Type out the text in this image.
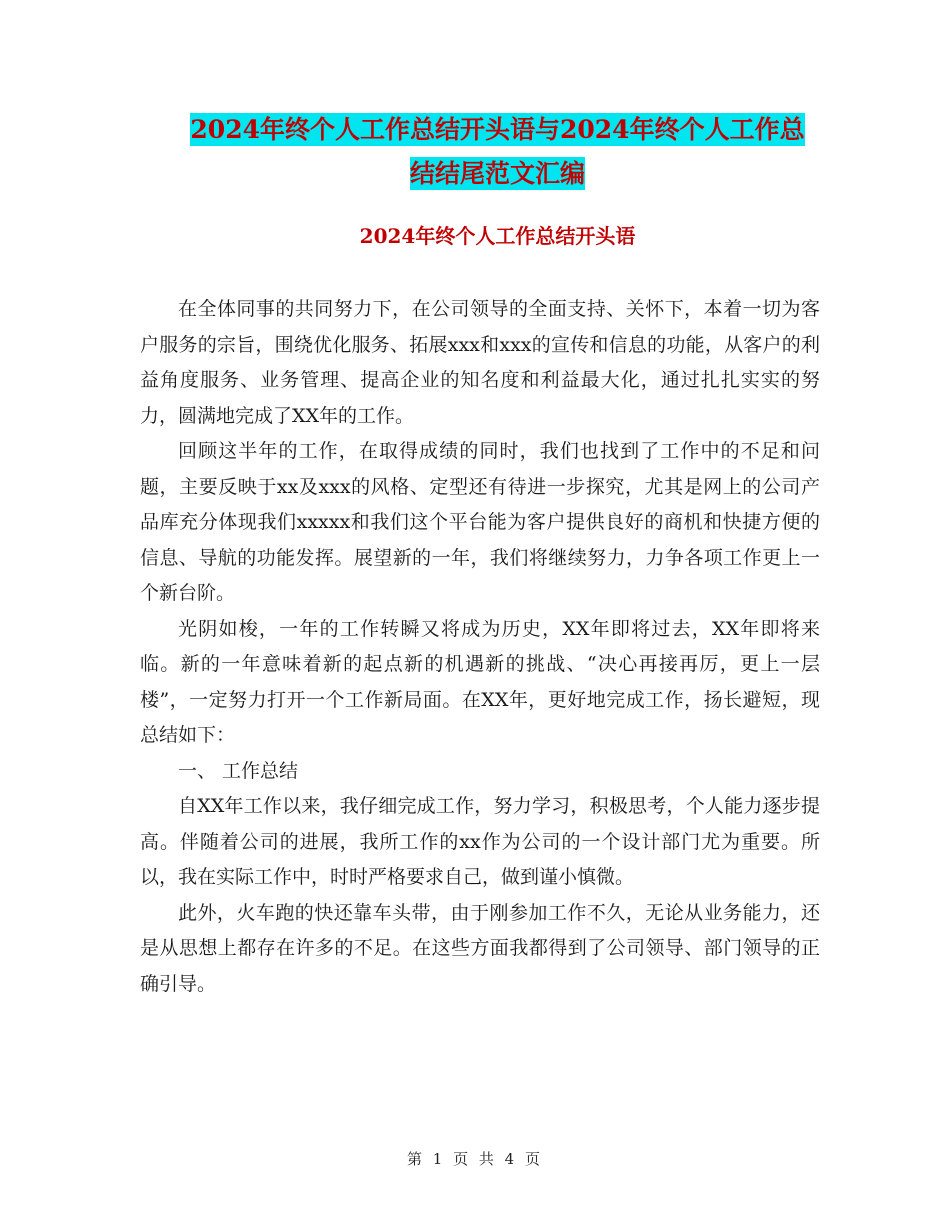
2024年终个人工作总结开头语与2024年终个人工作总
结结尾范文汇编
2024年终个人工作总结开头语

在全体同事的共同努力下，在公司领导的全面支持、关怀下，本着一切为客户服务的宗旨，围绕优化服务、拓展xxx和xxx的宣传和信息的功能，从客户的利益角度服务、业务管理、提高企业的知名度和利益最大化，通过扎扎实实的努力，圆满地完成了XX年的工作。

回顾这半年的工作，在取得成绩的同时，我们也找到了工作中的不足和问题，主要反映于xx及xxx的风格、定型还有待进一步探究，尤其是网上的公司产品库充分体现我们xxxxx和我们这个平台能为客户提供良好的商机和快捷方便的信息、导航的功能发挥。展望新的一年，我们将继续努力，力争各项工作更上一个新台阶。

光阴如梭，一年的工作转瞬又将成为历史，XX年即将过去，XX年即将来临。新的一年意味着新的起点新的机遇新的挑战、“决心再接再厉，更上一层楼”，一定努力打开一个工作新局面。在XX年，更好地完成工作，扬长避短，现总结如下：

一、 工作总结

自XX年工作以来，我仔细完成工作，努力学习，积极思考，个人能力逐步提高。伴随着公司的进展，我所工作的xx作为公司的一个设计部门尤为重要。所以，我在实际工作中，时时严格要求自己，做到谨小慎微。

此外，火车跑的快还靠车头带，由于刚参加工作不久，无论从业务能力，还是从思想上都存在许多的不足。在这些方面我都得到了公司领导、部门领导的正确引导。

第 1 页 共 4 页
